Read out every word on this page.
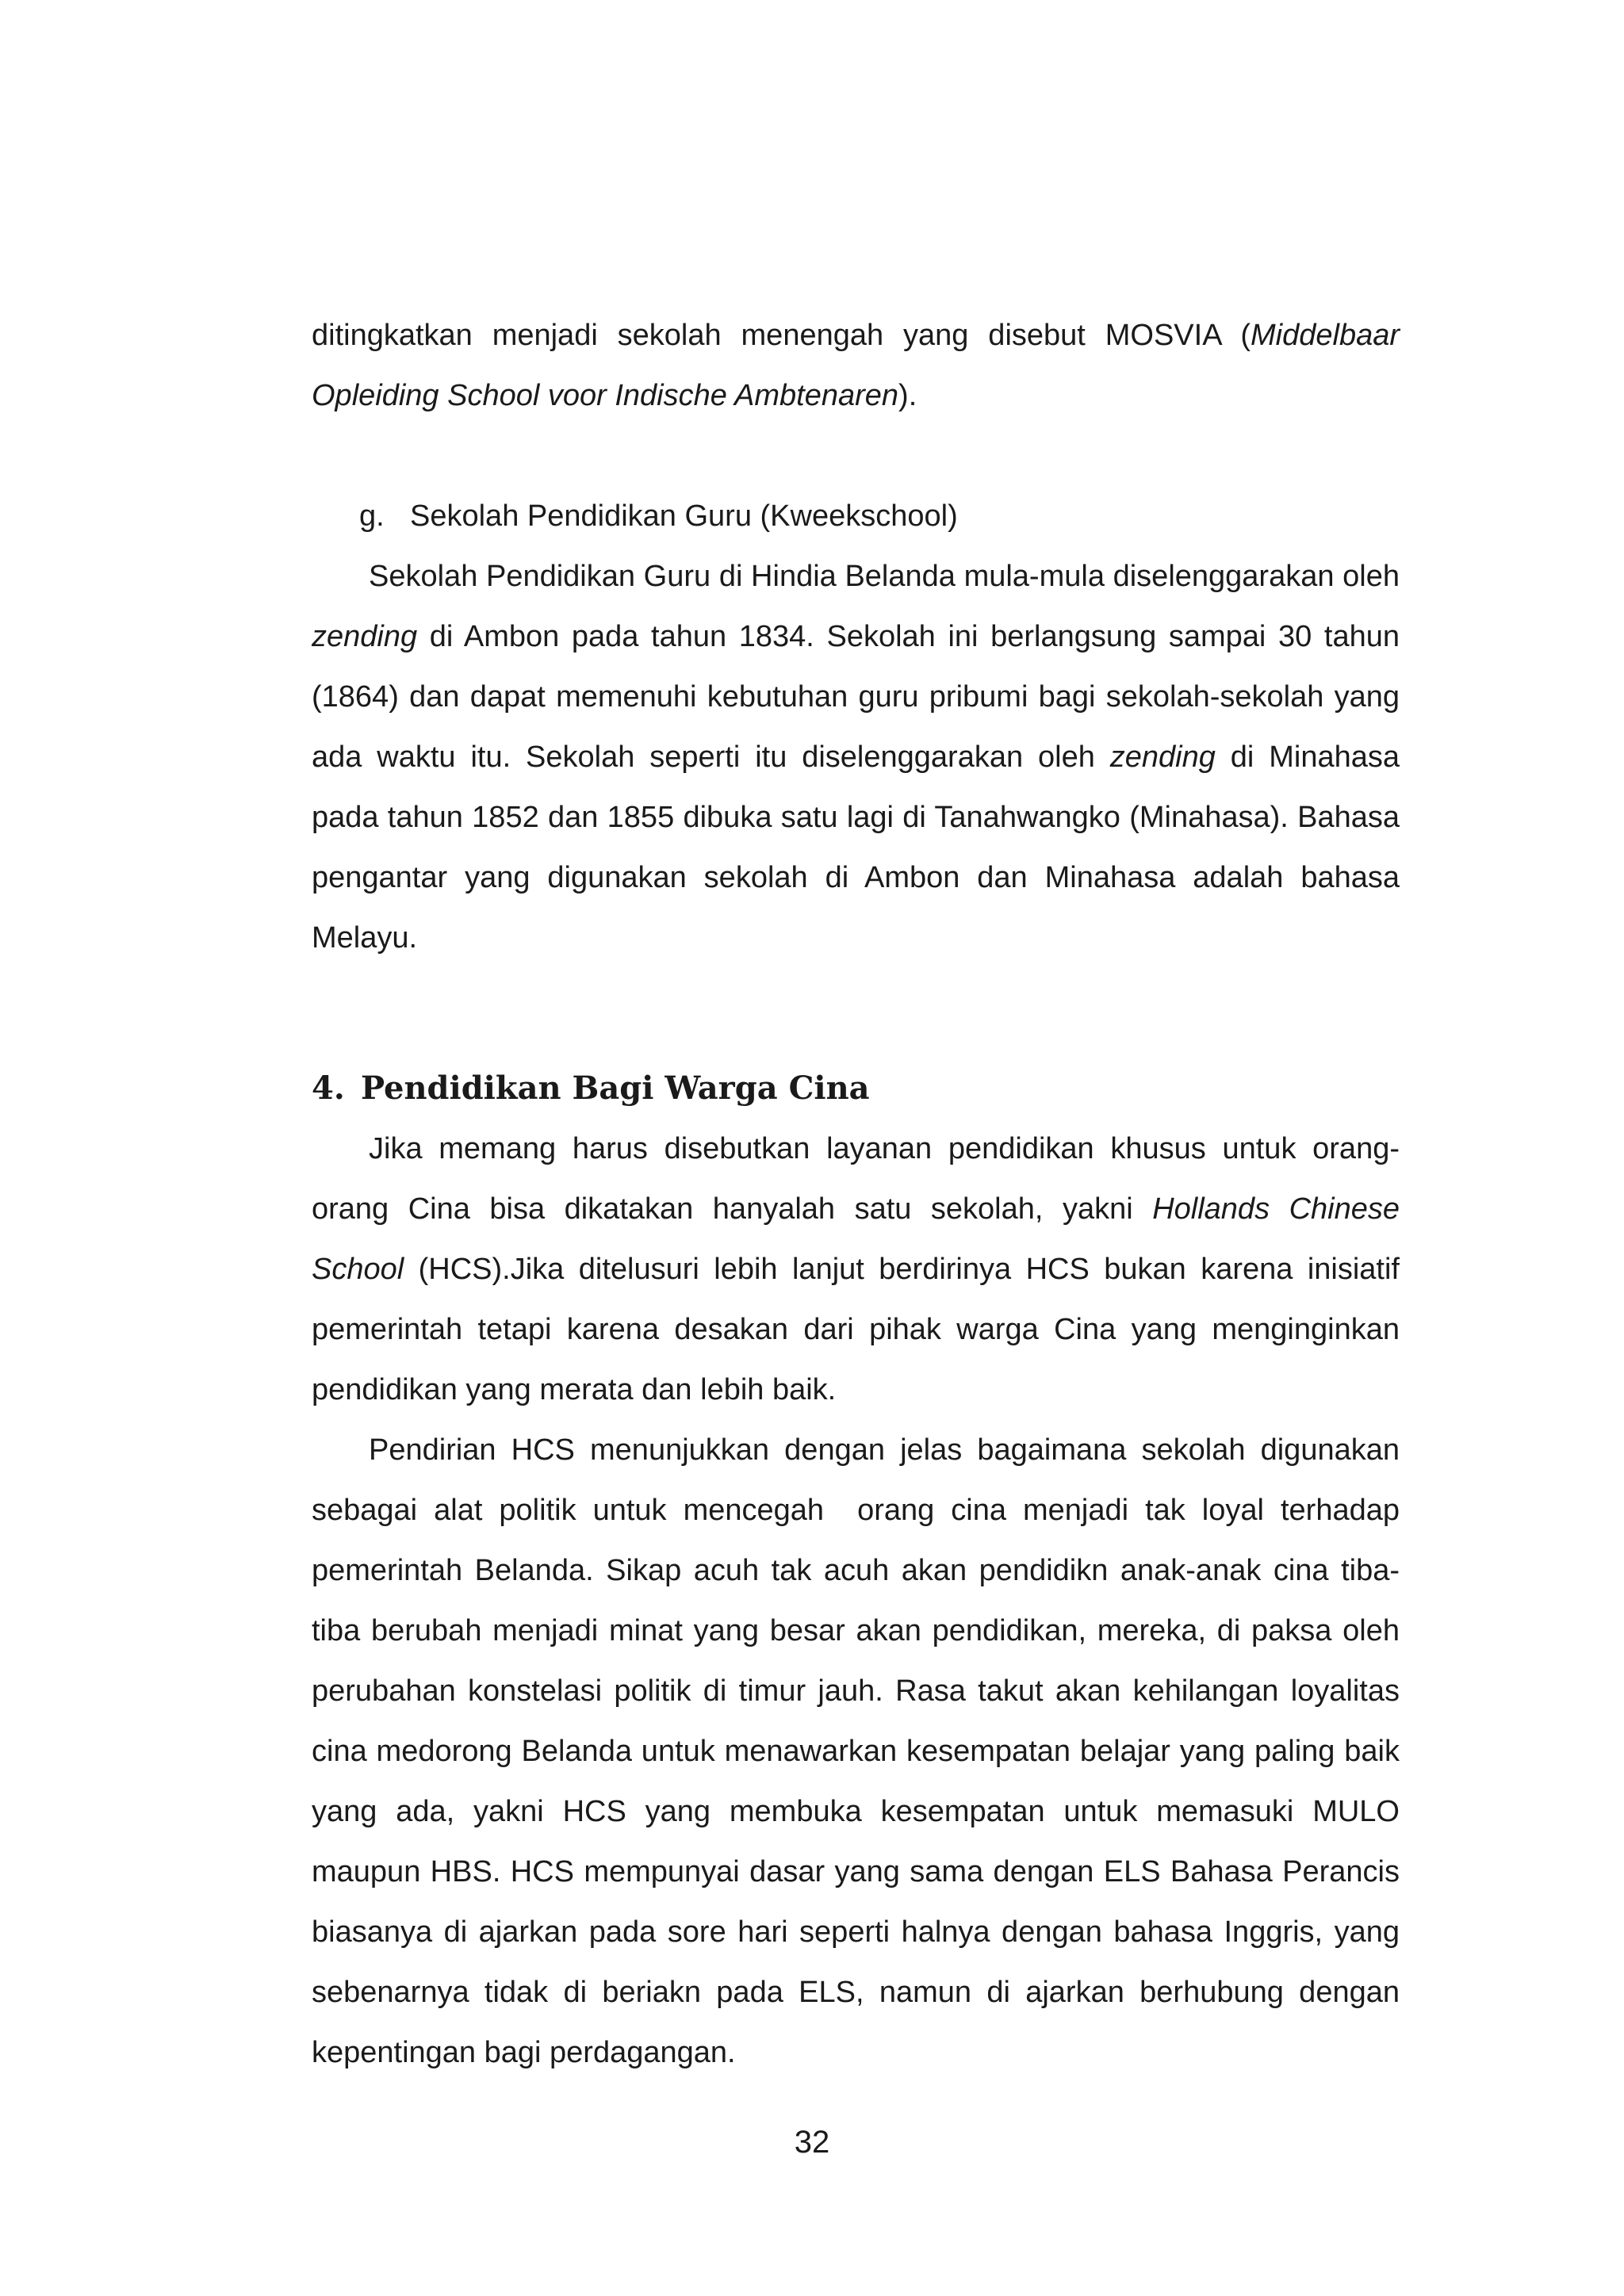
ditingkatkan menjadi sekolah menengah yang disebut MOSVIA (Middelbaar Opleiding School voor Indische Ambtenaren).

g. Sekolah Pendidikan Guru (Kweekschool)

Sekolah Pendidikan Guru di Hindia Belanda mula-mula diselenggarakan oleh zending di Ambon pada tahun 1834. Sekolah ini berlangsung sampai 30 tahun (1864) dan dapat memenuhi kebutuhan guru pribumi bagi sekolah-sekolah yang ada waktu itu. Sekolah seperti itu diselenggarakan oleh zending di Minahasa pada tahun 1852 dan 1855 dibuka satu lagi di Tanahwangko (Minahasa). Bahasa pengantar yang digunakan sekolah di Ambon dan Minahasa adalah bahasa Melayu.

4. Pendidikan Bagi Warga Cina

Jika memang harus disebutkan layanan pendidikan khusus untuk orang-orang Cina bisa dikatakan hanyalah satu sekolah, yakni Hollands Chinese School (HCS).Jika ditelusuri lebih lanjut berdirinya HCS bukan karena inisiatif pemerintah tetapi karena desakan dari pihak warga Cina yang menginginkan pendidikan yang merata dan lebih baik.

Pendirian HCS menunjukkan dengan jelas bagaimana sekolah digunakan sebagai alat politik untuk mencegah  orang cina menjadi tak loyal terhadap pemerintah Belanda. Sikap acuh tak acuh akan pendidikn anak-anak cina tiba-tiba berubah menjadi minat yang besar akan pendidikan, mereka, di paksa oleh perubahan konstelasi politik di timur jauh. Rasa takut akan kehilangan loyalitas cina medorong Belanda untuk menawarkan kesempatan belajar yang paling baik yang ada, yakni HCS yang membuka kesempatan untuk memasuki MULO maupun HBS. HCS mempunyai dasar yang sama dengan ELS Bahasa Perancis biasanya di ajarkan pada sore hari seperti halnya dengan bahasa Inggris, yang sebenarnya tidak di beriakn pada ELS, namun di ajarkan berhubung dengan kepentingan bagi perdagangan.

32
